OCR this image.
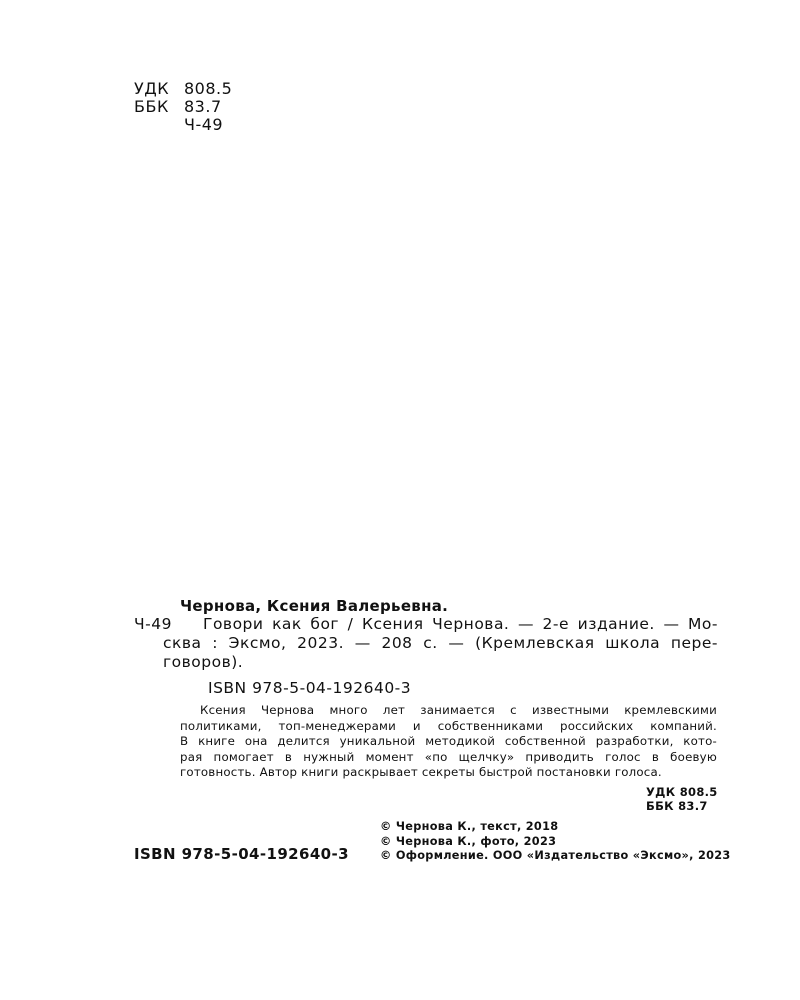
УДК 808.5
ББК 83.7
Ч-49
Чернова, Ксения Валерьевна.
Ч-49	Говори как бог / Ксения Чернова. — 2-е издание. — Мо-
сква : Эксмо, 2023. — 208 с. — (Кремлевская школа пере-
говоров).
ISBN 978-5-04-192640-3
Ксения Чернова много лет занимается с известными кремлевскими
политиками, топ-менеджерами и собственниками российских компаний.
В книге она делится уникальной методикой собственной разработки, кото-
рая помогает в нужный момент «по щелчку» приводить голос в боевую
готовность. Автор книги раскрывает секреты быстрой постановки голоса.
УДК 808.5
ББК 83.7
© Чернова К., текст, 2018
© Чернова К., фото, 2023
© Оформление. ООО «Издательство «Эксмо», 2023
ISBN 978-5-04-192640-3
